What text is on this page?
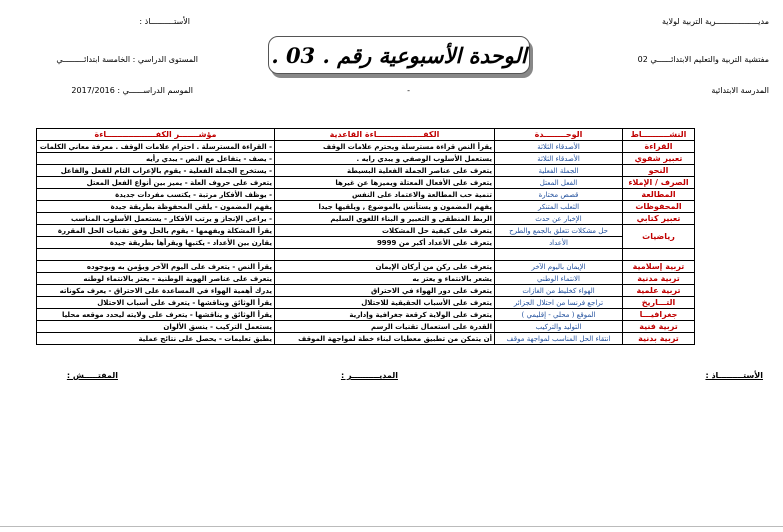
مديــــــــــــــــــرية التربية لولاية
الأستــــــــــاذ :
مفتشية التربية والتعليم الابتدائــــــي 02
المستوى الدراسي : الخامسة ابتدائـــــــــي
المدرسة الابتدائية
-
الموسم الدراســــــي : 2017/2016
الوحدة الأسبوعية رقم . 03 .
النشــــــــــاط	الوحــــــــدة	الكفـــــــــــــــــاءة القاعدية	مؤشـــــــر الكفــــــــــــــــــاءة
القراءة	الأصدقاء الثلاثة	يقرأ النص قراءة مسترسلة ويحترم علامات الوقف	- القراءة المسترسلة . احترام علامات الوقف . معرفة معاني الكلمات
تعبير شفوي	الأصدقاء الثلاثة	يستعمل الأسلوب الوصفي و يبدي رايه .	- يصف - يتفاعل مع النص - يبدي رأيه
النحو	الجملة الفعلية	يتعرف على عناصر الجملة الفعلية البسيطة	- يستخرج الجملة الفعلية - يقوم بالإعراب التام للفعل والفاعل
الصرف / الإملاء	الفعل المعتل	يتعرف على الأفعال المعتلة ويميزها عن غيرها	يتعرف على حروف العلة - يميز بين أنواع الفعل المعتل
المطالعة	قصص مختارة	تنمية حب المطالعة والاعتماد على النفس	- يوظف الأفكار مرتبة - يكتسب مفردات جديدة
المحفوظات	الثعلب المتنكر	يفهم المضمون و يستأنس بالموضوع , ويلقيها جيدا	يفهم المضمون - يلقي المحفوظة بطريقة جيدة
تعبير كتابي	الإخبار عن حدث	الربط المنطقي و التعبير و البناء اللغوي السليم	- يراعي الإنجاز و يرتب الأفكار - يستعمل الأسلوب المناسب
رياضيات	حل مشكلات تتعلق بالجمع والطرح	يتعرف على كيفية حل المشكلات	يقرأ المشكلة ويفهمها - يقوم بالحل وفق تقنيات الحل المقررة
	الأعداد	يتعرف على الأعداد أكبر من 9999	يقارن بين الأعداد - يكتبها ويقرأها بطريقة جيدة

تربية إسلامية	الإيمان باليوم الآخر	يتعرف على ركن من أركان الإيمان	يقرأ النص - يتعرف على اليوم الآخر ويؤمن به وبوجوده
تربية مدنية	الانتماء الوطني	يشعر بالانتماء و يعتز به	يتعرف على عناصر الهوية الوطنية - يعتز بالانتماء لوطنه
تربية علمية	الهواء كخليط من الغازات	يتعرف على دور الهواء في الاحتراق	يدرك أهمية الهواء في المساعدة على الاحتراق - يعرف مكوناته
التـــاريخ	تراجع فرنسا من احتلال الجزائر	يتعرف على الأسباب الحقيقية للاحتلال	يقرأ الوثائق ويناقشها - يتعرف على أسباب الاحتلال
جغرافيـــا	الموقع ( محلي - إقليمي )	يتعرف على الولاية كرقعة جغرافية وإدارية	يقرأ الوثائق و يناقشها - يتعرف على ولايته ليحدد موقعه محليا
تربية فنية	التوليد والتركيب	القدرة على استعمال تقنيات الرسم	يستعمل التركيب - ينسق الألوان
تربية بدنية	انتقاء الحل المناسب لمواجهة موقف	أن يتمكن من تطبيق معطيات لبناء خطة لمواجهة الموقف	يطبق تعليمات - يحصل على نتائج عملية
الأستـــــــــاذ :
المديــــــــــر :
المفتـــــش :
